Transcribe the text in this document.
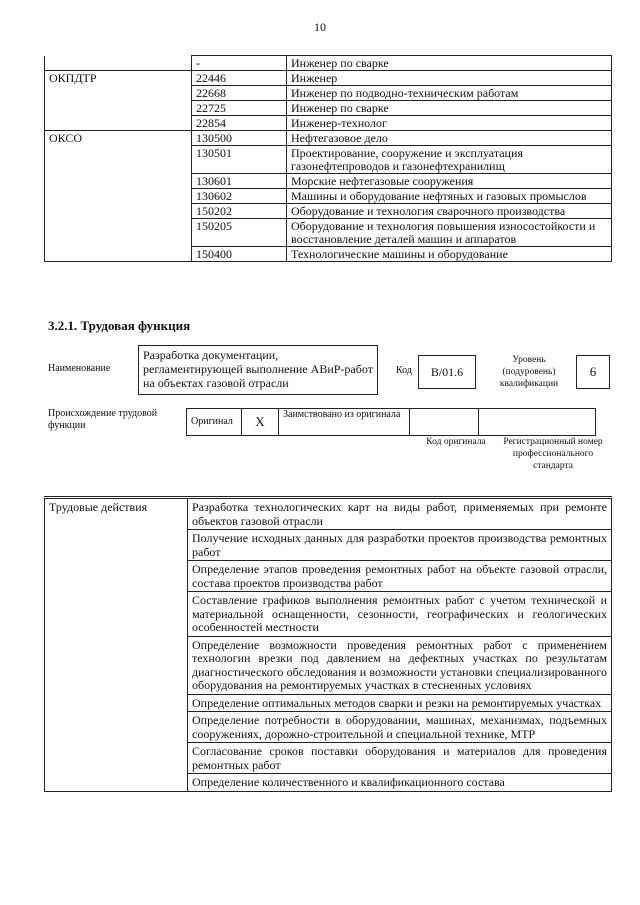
10
	-	Инженер по сварке
ОКПДТР	22446	Инженер
	22668	Инженер по подводно-техническим работам
	22725	Инженер по сварке
	22854	Инженер-технолог
ОКСО	130500	Нефтегазовое дело
	130501	Проектирование, сооружение и эксплуатация газонефтепроводов и газонефтехранилищ
	130601	Морские нефтегазовые сооружения
	130602	Машины и оборудование нефтяных и газовых промыслов
	150202	Оборудование и технология сварочного производства
	150205	Оборудование и технология повышения износостойкости и восстановление деталей машин и аппаратов
	150400	Технологические машины и оборудование
3.2.1. Трудовая функция
Наименование
Разработка документации, регламентирующей выполнение АВиР-работ на объектах газовой отрасли
Код	В/01.6
Уровень (подуровень) квалификации
6
Происхождение трудовой функции	Оригинал	X	Заимствовано из оригинала		
Код оригинала	Регистрационный номер профессионального стандарта
Трудовые действия	Разработка технологических карт на виды работ, применяемых при ремонте объектов газовой отрасли
Получение исходных данных для разработки проектов производства ремонтных работ
Определение этапов проведения ремонтных работ на объекте газовой отрасли, состава проектов производства работ
Составление графиков выполнения ремонтных работ с учетом технической и материальной оснащенности, сезонности, географических и геологических особенностей местности
Определение возможности проведения ремонтных работ с применением технологии врезки под давлением на дефектных участках по результатам диагностического обследования и возможности установки специализированного оборудования на ремонтируемых участках в стесненных условиях
Определение оптимальных методов сварки и резки на ремонтируемых участках
Определение потребности в оборудовании, машинах, механизмах, подъемных сооружениях, дорожно-строительной и специальной технике, МТР
Согласование сроков поставки оборудования и материалов для проведения ремонтных работ
Определение количественного и квалификационного состава
